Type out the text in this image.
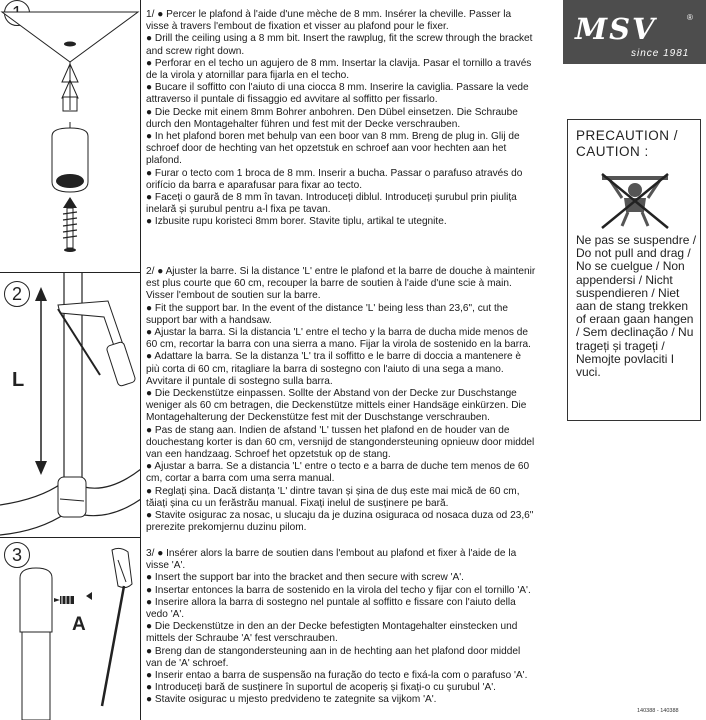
2
L
3
A
1/ ● Percer le plafond à l'aide d'une mèche de 8 mm. Insérer la cheville. Passer la
visse à travers l'embout de fixation et visser au plafond pour le fixer.
● Drill the ceiling using a 8 mm bit. Insert the rawplug, fit the screw through the bracket
and screw right down.
● Perforar en el techo un agujero de 8 mm. Insertar la clavija. Pasar el tornillo a través
de la virola y atornillar para fijarla en el techo.
● Bucare il soffitto con l'aiuto di una ciocca 8 mm. Inserire la caviglia. Passare la vede
attraverso il puntale di fissaggio ed avvitare al soffitto per fissarlo.
● Die Decke mit einem 8mm Bohrer anbohren. Den Dübel einsetzen. Die Schraube
durch den Montagehalter führen und fest mit der Decke verschrauben.
● In het plafond boren met behulp van een boor van 8 mm. Breng de plug in. Glij de
schroef door de hechting van het opzetstuk en schroef aan voor hechten aan het
plafond.
● Furar o tecto com 1 broca de 8 mm. Inserir a bucha. Passar o parafuso através do
orifício da barra e aparafusar para fixar ao tecto.
● Faceți o gaură de 8 mm în tavan. Introduceți diblul. Introduceți șurubul prin piulița
inelară și șurubul pentru a-l fixa pe tavan.
● Izbusite rupu koristeci 8mm borer. Stavite tiplu, artikal te utegnite.
2/ ● Ajuster la barre. Si la distance 'L' entre le plafond et la barre de douche à maintenir
est plus courte que 60 cm, recouper la barre de soutien à l'aide d'une scie à main.
Visser l'embout de soutien sur la barre.
● Fit the support bar. In the event of the distance 'L' being less than 23,6", cut the
support bar with a handsaw.
● Ajustar la barra. Si la distancia 'L' entre el techo y la barra de ducha mide menos de
60 cm, recortar la barra con una sierra a mano. Fijar la virola de sostenido en la barra.
● Adattare la barra. Se la distanza 'L' tra il soffitto e le barre di doccia a mantenere è
più corta di 60 cm, ritagliare la barra di sostegno con l'aiuto di una sega a mano.
Avvitare il puntale di sostegno sulla barra.
● Die Deckenstütze einpassen. Sollte der Abstand von der Decke zur Duschstange
weniger als 60 cm betragen, die Deckenstütze mittels einer Handsäge einkürzen. Die
Montagehalterung der Deckenstütze fest mit der Duschstange verschrauben.
● Pas de stang aan. Indien de afstand 'L' tussen het plafond en de houder van de
douchestang korter is dan 60 cm, versnijd de stangondersteuning opnieuw door middel
van een handzaag. Schroef het opzetstuk op de stang.
● Ajustar a barra. Se a distancia 'L' entre o tecto e a barra de duche tem menos de 60
cm, cortar a barra com uma serra manual.
● Reglați șina. Dacă distanța 'L' dintre tavan și șina de duș este mai mică de 60 cm,
tăiați șina cu un ferăstrău manual. Fixați inelul de susținere pe bară.
● Stavite osigurac za nosac, u slucaju da je duzina osiguraca od nosaca duza od 23,6"
prerezite prekomjernu duzinu pilom.
3/ ● Insérer alors la barre de soutien dans l'embout au plafond et fixer à l'aide de la
visse 'A'.
● Insert the support bar into the bracket and then secure with screw 'A'.
● Insertar entonces la barra de sostenido en la virola del techo y fijar con el tornillo 'A'.
● Inserire allora la barra di sostegno nel puntale al soffitto e fissare con l'aiuto della
vedo 'A'.
● Die Deckenstütze in den an der Decke befestigten Montagehalter einstecken und
mittels der Schraube 'A' fest verschrauben.
● Breng dan de stangondersteuning aan in de hechting aan het plafond door middel
van de 'A' schroef.
● Inserir entao a barra de suspensão na furação do tecto e fixá-la com o parafuso 'A'.
● Introduceți bară de susținere în suportul de acoperiș și fixați-o cu șurubul 'A'.
● Stavite osigurac u mjesto predvideno te zategnite sa vijkom 'A'.
MSV	®
since 1981
PRECAUTION / CAUTION :
Ne pas se suspendre / Do not pull and drag / No se cuelgue / Non appendersi / Nicht suspendieren / Niet aan de stang trekken of eraan gaan hangen / Sem declinação / Nu trageți și trageți / Nemojte povlaciti I vuci.
140388 - 140388
